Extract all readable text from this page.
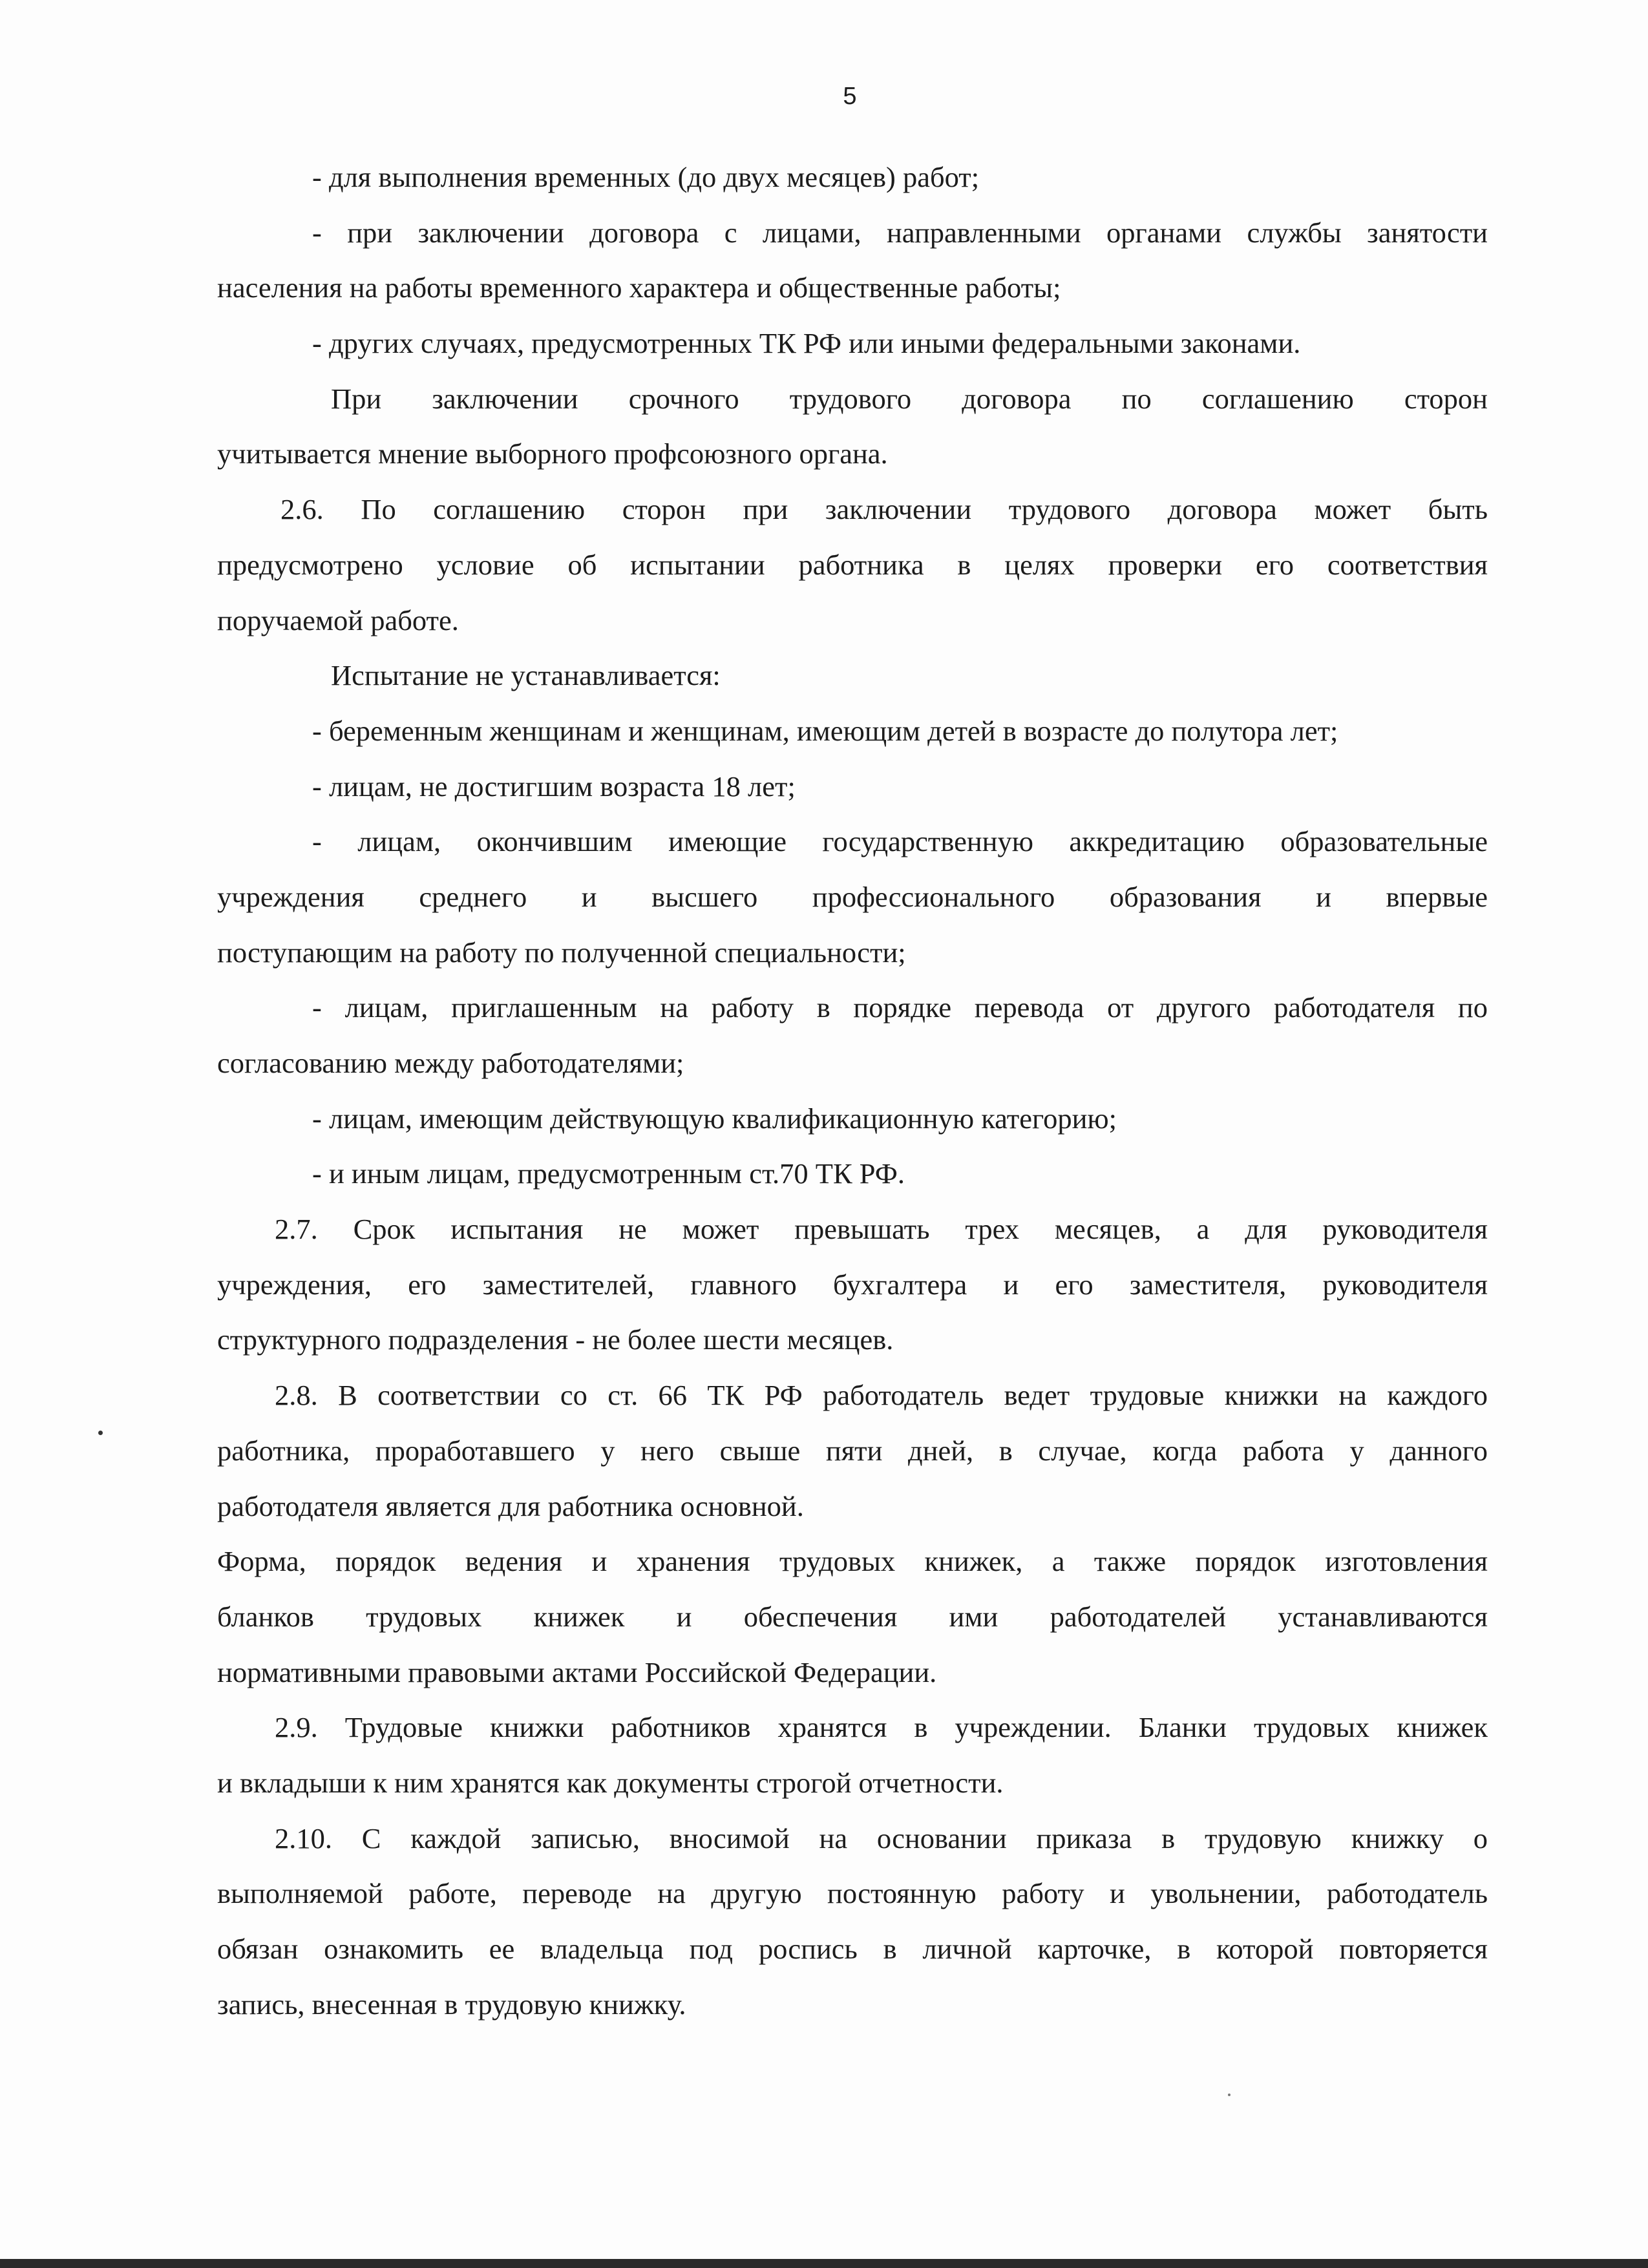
5
- для выполнения временных (до двух месяцев) работ;
- при заключении договора с лицами, направленными органами службы занятости
населения на работы временного характера и общественные работы;
- других случаях, предусмотренных ТК РФ или иными федеральными законами.
При заключении срочного трудового договора по соглашению сторон
учитывается мнение выборного профсоюзного органа.
2.6. По соглашению сторон при заключении трудового договора может быть
предусмотрено условие об испытании работника в целях проверки его соответствия
поручаемой работе.
Испытание не устанавливается:
- беременным женщинам и женщинам, имеющим детей в возрасте до полутора лет;
- лицам, не достигшим возраста 18 лет;
- лицам, окончившим имеющие государственную аккредитацию образовательные
учреждения среднего и высшего профессионального образования и впервые
поступающим на работу по полученной специальности;
- лицам, приглашенным на работу в порядке перевода от другого работодателя по
согласованию между работодателями;
- лицам, имеющим действующую квалификационную категорию;
- и иным лицам, предусмотренным ст.70 ТК РФ.
2.7. Срок испытания не может превышать трех месяцев, а для руководителя
учреждения, его заместителей, главного бухгалтера и его заместителя, руководителя
структурного подразделения - не более шести месяцев.
2.8. В соответствии со ст. 66 ТК РФ работодатель ведет трудовые книжки на каждого
работника, проработавшего у него свыше пяти дней, в случае, когда работа у данного
работодателя является для работника основной.
Форма, порядок ведения и хранения трудовых книжек, а также порядок изготовления
бланков трудовых книжек и обеспечения ими работодателей устанавливаются
нормативными правовыми актами Российской Федерации.
2.9. Трудовые книжки работников хранятся в учреждении. Бланки трудовых книжек
и вкладыши к ним хранятся как документы строгой отчетности.
2.10. С каждой записью, вносимой на основании приказа в трудовую книжку о
выполняемой работе, переводе на другую постоянную работу и увольнении, работодатель
обязан ознакомить ее владельца под роспись в личной карточке, в которой повторяется
запись, внесенная в трудовую книжку.
